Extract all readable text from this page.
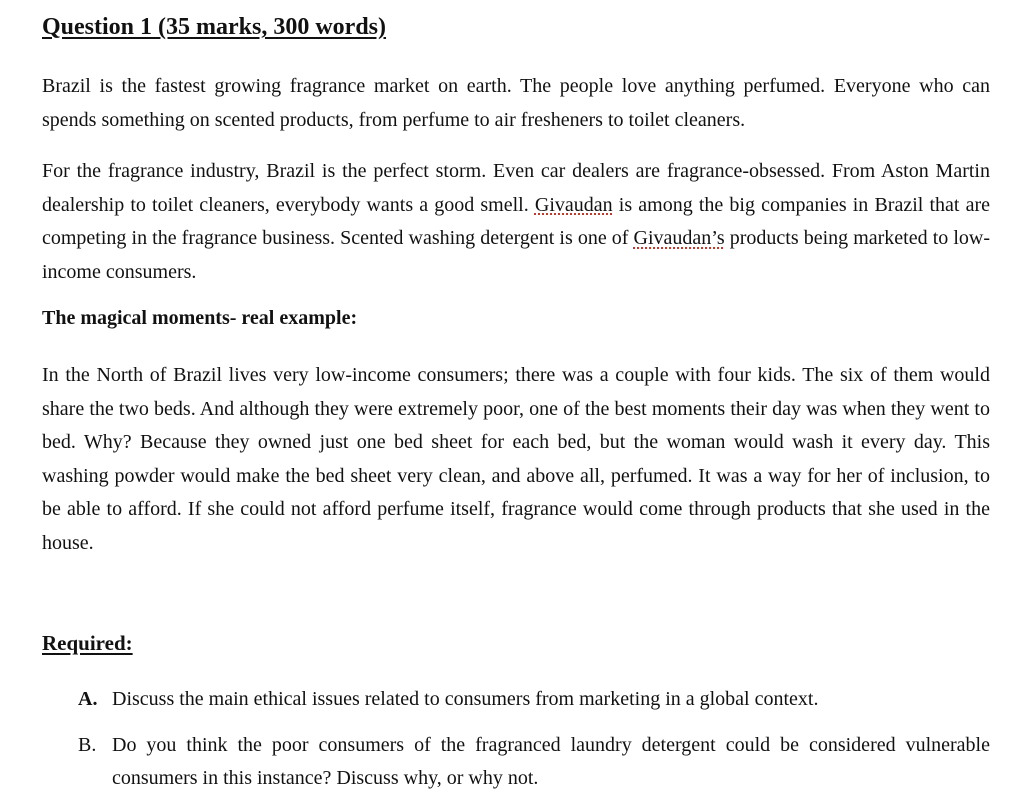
Question 1 (35 marks, 300 words)

Brazil is the fastest growing fragrance market on earth. The people love anything perfumed. Everyone who can spends something on scented products, from perfume to air fresheners to toilet cleaners.

For the fragrance industry, Brazil is the perfect storm. Even car dealers are fragrance-obsessed. From Aston Martin dealership to toilet cleaners, everybody wants a good smell. Givaudan is among the big companies in Brazil that are competing in the fragrance business. Scented washing detergent is one of Givaudan’s products being marketed to low-income consumers.

The magical moments- real example:

In the North of Brazil lives very low-income consumers; there was a couple with four kids. The six of them would share the two beds. And although they were extremely poor, one of the best moments their day was when they went to bed. Why? Because they owned just one bed sheet for each bed, but the woman would wash it every day. This washing powder would make the bed sheet very clean, and above all, perfumed. It was a way for her of inclusion, to be able to afford. If she could not afford perfume itself, fragrance would come through products that she used in the house.

Required:
A. Discuss the main ethical issues related to consumers from marketing in a global context.
B. Do you think the poor consumers of the fragranced laundry detergent could be considered vulnerable consumers in this instance? Discuss why, or why not.
